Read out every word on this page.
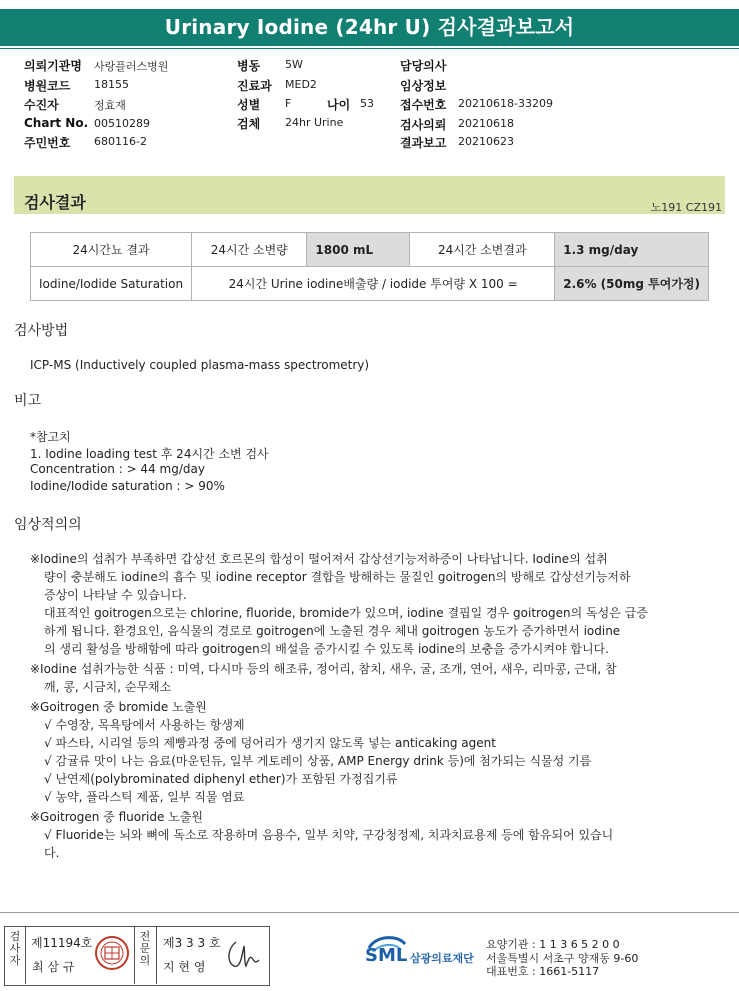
Urinary Iodine (24hr U) 검사결과보고서
의뢰기관명 사랑플러스병원
병원코드 18155
수진자	정효재
Chart No. 00510289
주민번호 680116-2
병동 5W
진료과 MED2
성별 F	나이 53
검체 24hr Urine
담당의사
임상정보
접수번호 20210618-33209
검사의뢰 20210618
결과보고 20210623
검사결과	노191 CZ191
24시간뇨 결과	24시간 소변량	1800 mL	24시간 소변결과	1.3 mg/day
Iodine/Iodide Saturation	24시간 Urine iodine배출량 / iodide 투여량 X 100 =			2.6% (50mg 투여가정)
검사방법
ICP-MS (Inductively coupled plasma-mass spectrometry)
비고
*참고치
1. Iodine loading test 후 24시간 소변 검사
Concentration : > 44 mg/day
Iodine/Iodide saturation : > 90%
임상적의의
※Iodine의 섭취가 부족하면 갑상선 호르몬의 합성이 떨어져서 갑상선기능저하증이 나타납니다. Iodine의 섭취
량이 충분해도 iodine의 흡수 및 iodine receptor 결합을 방해하는 물질인 goitrogen의 방해로 갑상선기능저하
증상이 나타날 수 있습니다.
대표적인 goitrogen으로는 chlorine, fluoride, bromide가 있으며, iodine 결핍일 경우 goitrogen의 독성은 급증
하게 됩니다. 환경요인, 음식물의 경로로 goitrogen에 노출된 경우 체내 goitrogen 농도가 증가하면서 iodine
의 생리 활성을 방해함에 따라 goitrogen의 배설을 증가시킬 수 있도록 iodine의 보충을 증가시켜야 합니다.
※Iodine 섭취가능한 식품 : 미역, 다시마 등의 해조류, 정어리, 참치, 새우, 굴, 조개, 연어, 새우, 리마콩, 근대, 참
깨, 콩, 시금치, 순무채소
※Goitrogen 중 bromide 노출원
√ 수영장, 목욕탕에서 사용하는 항생제
√ 파스타, 시리얼 등의 제빵과정 중에 덩어리가 생기지 않도록 넣는 anticaking agent
√ 감귤류 맛이 나는 음료(마운틴듀, 일부 게토레이 상품, AMP Energy drink 등)에 첨가되는 식물성 기름
√ 난연제(polybrominated diphenyl ether)가 포함된 가정집기류
√ 농약, 플라스틱 제품, 일부 직물 염료
※Goitrogen 중 fluoride 노출원
√ Fluoride는 뇌와 뼈에 독소로 작용하며 음용수, 일부 치약, 구강청정제, 치과치료용제 등에 함유되어 있습니
다.
검사자
제11194호
최 삼 규
전문의
제3 3 3 호
지 현 영
SML 삼광의료재단
요양기관 : 1 1 3 6 5 2 0 0
서울특별시 서초구 양재동 9-60
대표번호 : 1661-5117
